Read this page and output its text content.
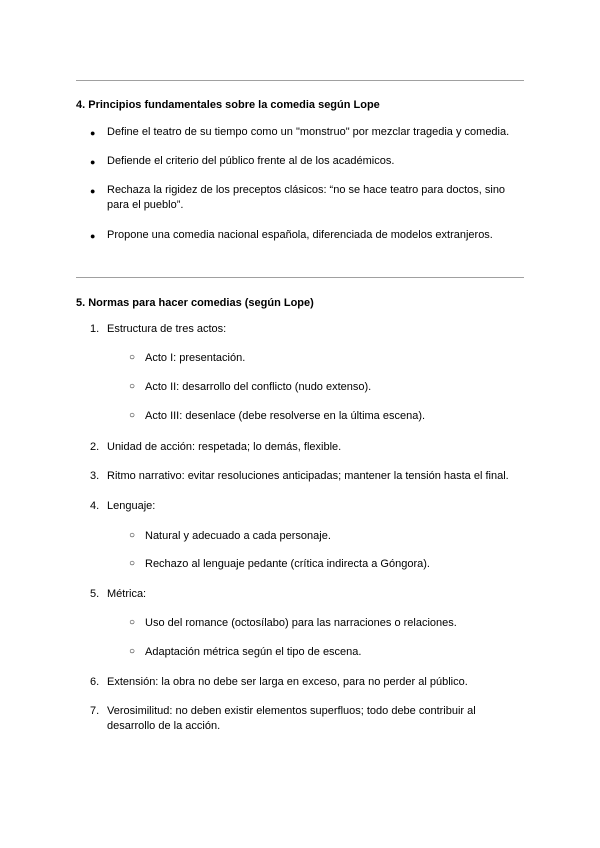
4. Principios fundamentales sobre la comedia según Lope
● Define el teatro de su tiempo como un "monstruo" por mezclar tragedia y comedia.
● Defiende el criterio del público frente al de los académicos.
● Rechaza la rigidez de los preceptos clásicos: “no se hace teatro para doctos, sino
para el pueblo”.
● Propone una comedia nacional española, diferenciada de modelos extranjeros.
5. Normas para hacer comedias (según Lope)
1. Estructura de tres actos:
○ Acto I: presentación.
○ Acto II: desarrollo del conflicto (nudo extenso).
○ Acto III: desenlace (debe resolverse en la última escena).
2. Unidad de acción: respetada; lo demás, flexible.
3. Ritmo narrativo: evitar resoluciones anticipadas; mantener la tensión hasta el final.
4. Lenguaje:
○ Natural y adecuado a cada personaje.
○ Rechazo al lenguaje pedante (crítica indirecta a Góngora).
5. Métrica:
○ Uso del romance (octosílabo) para las narraciones o relaciones.
○ Adaptación métrica según el tipo de escena.
6. Extensión: la obra no debe ser larga en exceso, para no perder al público.
7. Verosimilitud: no deben existir elementos superfluos; todo debe contribuir al
desarrollo de la acción.
